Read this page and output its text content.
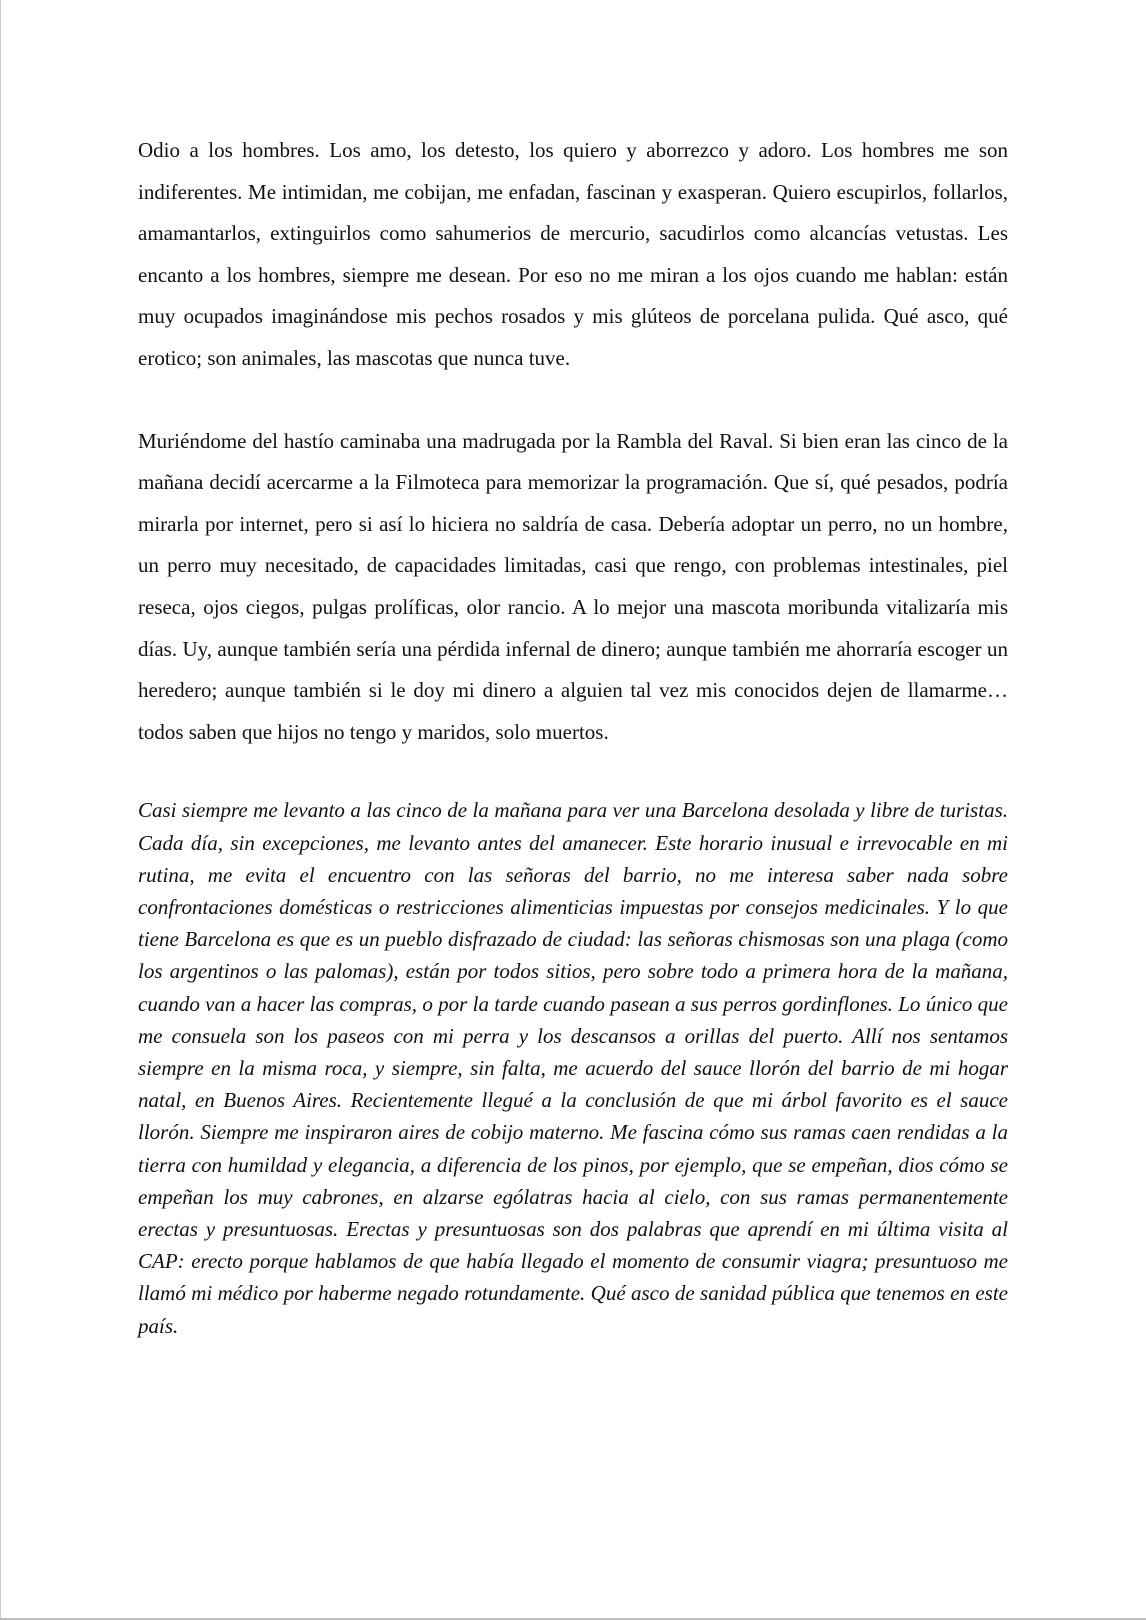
Odio a los hombres. Los amo, los detesto, los quiero y aborrezco y adoro. Los hombres me son indiferentes. Me intimidan, me cobijan, me enfadan, fascinan y exasperan. Quiero escupirlos, follarlos, amamantarlos, extinguirlos como sahumerios de mercurio, sacudirlos como alcancías vetustas. Les encanto a los hombres, siempre me desean. Por eso no me miran a los ojos cuando me hablan: están muy ocupados imaginándose mis pechos rosados y mis glúteos de porcelana pulida. Qué asco, qué erotico; son animales, las mascotas que nunca tuve.

Muriéndome del hastío caminaba una madrugada por la Rambla del Raval. Si bien eran las cinco de la mañana decidí acercarme a la Filmoteca para memorizar la programación. Que sí, qué pesados, podría mirarla por internet, pero si así lo hiciera no saldría de casa. Debería adoptar un perro, no un hombre, un perro muy necesitado, de capacidades limitadas, casi que rengo, con problemas intestinales, piel reseca, ojos ciegos, pulgas prolíficas, olor rancio. A lo mejor una mascota moribunda vitalizaría mis días. Uy, aunque también sería una pérdida infernal de dinero; aunque también me ahorraría escoger un heredero; aunque también si le doy mi dinero a alguien tal vez mis conocidos dejen de llamarme… todos saben que hijos no tengo y maridos, solo muertos.

Casi siempre me levanto a las cinco de la mañana para ver una Barcelona desolada y libre de turistas. Cada día, sin excepciones, me levanto antes del amanecer. Este horario inusual e irrevocable en mi rutina, me evita el encuentro con las señoras del barrio, no me interesa saber nada sobre confrontaciones domésticas o restricciones alimenticias impuestas por consejos medicinales. Y lo que tiene Barcelona es que es un pueblo disfrazado de ciudad: las señoras chismosas son una plaga (como los argentinos o las palomas), están por todos sitios, pero sobre todo a primera hora de la mañana, cuando van a hacer las compras, o por la tarde cuando pasean a sus perros gordinflones. Lo único que me consuela son los paseos con mi perra y los descansos a orillas del puerto. Allí nos sentamos siempre en la misma roca, y siempre, sin falta, me acuerdo del sauce llorón del barrio de mi hogar natal, en Buenos Aires. Recientemente llegué a la conclusión de que mi árbol favorito es el sauce llorón. Siempre me inspiraron aires de cobijo materno. Me fascina cómo sus ramas caen rendidas a la tierra con humildad y elegancia, a diferencia de los pinos, por ejemplo, que se empeñan, dios cómo se empeñan los muy cabrones, en alzarse ególatras hacia al cielo, con sus ramas permanentemente erectas y presuntuosas. Erectas y presuntuosas son dos palabras que aprendí en mi última visita al CAP: erecto porque hablamos de que había llegado el momento de consumir viagra; presuntuoso me llamó mi médico por haberme negado rotundamente. Qué asco de sanidad pública que tenemos en este país.
